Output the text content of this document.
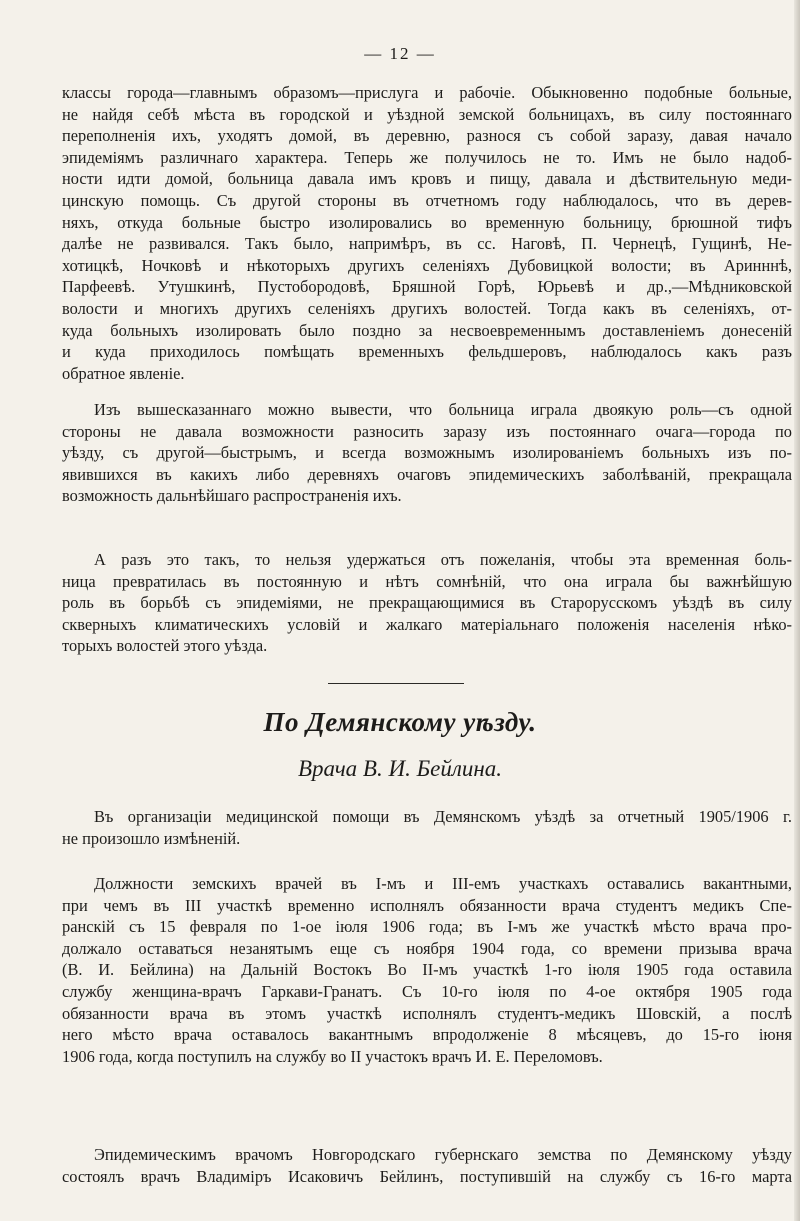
— 12 —
классы города—главнымъ образомъ—прислуга и рабочіе. Обыкновенно подобные больные,
не найдя себѣ мѣста въ городской и уѣздной земской больницахъ, въ силу постояннаго
переполненія ихъ, уходятъ домой, въ деревню, разнося съ собой заразу, давая начало
эпидеміямъ различнаго характера. Теперь же получилось не то. Имъ не было надоб-
ности идти домой, больница давала имъ кровъ и пищу, давала и дѣствительную меди-
цинскую помощь. Съ другой стороны въ отчетномъ году наблюдалось, что въ дерев-
няхъ, откуда больные быстро изолировались во временную больницу, брюшной тифъ
далѣе не развивался. Такъ было, напримѣръ, въ сс. Наговѣ, П. Чернецѣ, Гущинѣ, Не-
хотицкѣ, Ночковѣ и нѣкоторыхъ другихъ селеніяхъ Дубовицкой волости; въ Аринннѣ,
Парфеевѣ. Утушкинѣ, Пустобородовѣ, Бряшной Горѣ, Юрьевѣ и др.,—Мѣдниковской
волости и многихъ другихъ селеніяхъ другихъ волостей. Тогда какъ въ селеніяхъ, от-
куда больныхъ изолировать было поздно за несвоевременнымъ доставленіемъ донесеній
и куда приходилось помѣщать временныхъ фельдшеровъ, наблюдалось какъ разъ
обратное явленіе.
Изъ вышесказаннаго можно вывести, что больница играла двоякую роль—съ одной
стороны не давала возможности разносить заразу изъ постояннаго очага—города по
уѣзду, съ другой—быстрымъ, и всегда возможнымъ изолированіемъ больныхъ изъ по-
явившихся въ какихъ либо деревняхъ очаговъ эпидемическихъ заболѣваній, прекращала
возможность дальнѣйшаго распространенія ихъ.
А разъ это такъ, то нельзя удержаться отъ пожеланія, чтобы эта временная боль-
ница превратилась въ постоянную и нѣтъ сомнѣній, что она играла бы важнѣйшую
роль въ борьбѣ съ эпидеміями, не прекращающимися въ Старорусскомъ уѣздѣ въ силу
скверныхъ климатическихъ условій и жалкаго матеріальнаго положенія населенія нѣко-
торыхъ волостей этого уѣзда.
По Демянскому уѣзду.
Врача В. И. Бейлина.
Въ организаціи медицинской помощи въ Демянскомъ уѣздѣ за отчетный 1905/1906 г.
не произошло измѣненій.
Должности земскихъ врачей въ I-мъ и III-емъ участкахъ оставались вакантными,
при чемъ въ III участкѣ временно исполнялъ обязанности врача студентъ медикъ Спе-
ранскій съ 15 февраля по 1-ое іюля 1906 года; въ I-мъ же участкѣ мѣсто врача про-
должало оставаться незанятымъ еще съ ноября 1904 года, со времени призыва врача
(В. И. Бейлина) на Дальній Востокъ Во II-мъ участкѣ 1-го іюля 1905 года оставила
службу женщина-врачъ Гаркави-Гранатъ. Съ 10-го іюля по 4-ое октября 1905 года
обязанности врача въ этомъ участкѣ исполнялъ студентъ-медикъ Шовскій, а послѣ
него мѣсто врача оставалось вакантнымъ впродолженіе 8 мѣсяцевъ, до 15-го іюня
1906 года, когда поступилъ на службу во II участокъ врачъ И. Е. Переломовъ.
Эпидемическимъ врачомъ Новгородскаго губернскаго земства по Демянскому уѣзду
состоялъ врачъ Владиміръ Исаковичъ Бейлинъ, поступившій на службу съ 16-го марта
